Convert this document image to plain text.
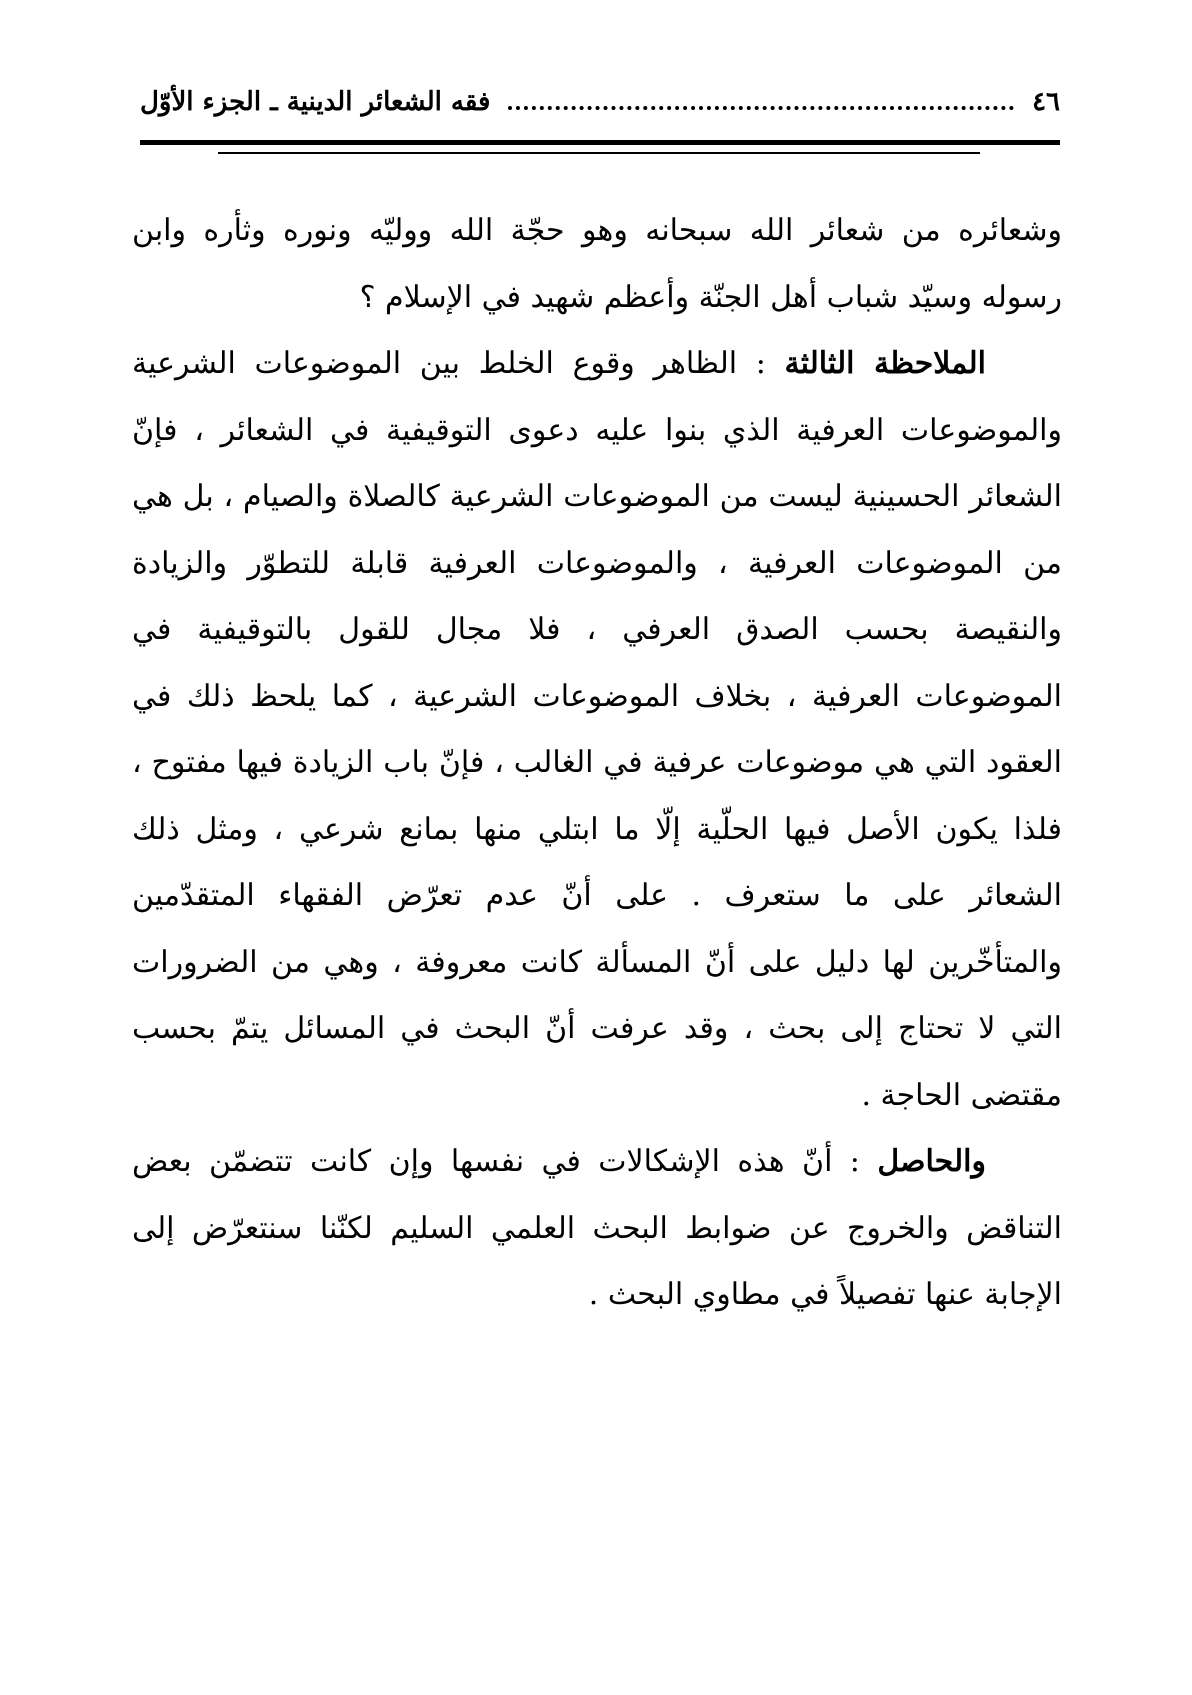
٤٦
فقه الشعائر الدينية ـ الجزء الأوّل

وشعائره من شعائر الله سبحانه وهو حجّة الله ووليّه ونوره وثأره وابن رسوله وسيّد شباب أهل الجنّة وأعظم شهيد في الإسلام ؟

الملاحظة الثالثة : الظاهر وقوع الخلط بين الموضوعات الشرعية والموضوعات العرفية الذي بنوا عليه دعوى التوقيفية في الشعائر ، فإنّ الشعائر الحسينية ليست من الموضوعات الشرعية كالصلاة والصيام ، بل هي من الموضوعات العرفية ، والموضوعات العرفية قابلة للتطوّر والزيادة والنقيصة بحسب الصدق العرفي ، فلا مجال للقول بالتوقيفية في الموضوعات العرفية ، بخلاف الموضوعات الشرعية ، كما يلحظ ذلك في العقود التي هي موضوعات عرفية في الغالب ، فإنّ باب الزيادة فيها مفتوح ، فلذا يكون الأصل فيها الحلّية إلّا ما ابتلي منها بمانع شرعي ، ومثل ذلك الشعائر على ما ستعرف . على أنّ عدم تعرّض الفقهاء المتقدّمين والمتأخّرين لها دليل على أنّ المسألة كانت معروفة ، وهي من الضرورات التي لا تحتاج إلى بحث ، وقد عرفت أنّ البحث في المسائل يتمّ بحسب مقتضى الحاجة .

والحاصل : أنّ هذه الإشكالات في نفسها وإن كانت تتضمّن بعض التناقض والخروج عن ضوابط البحث العلمي السليم لكنّنا سنتعرّض إلى الإجابة عنها تفصيلاً في مطاوي البحث .
